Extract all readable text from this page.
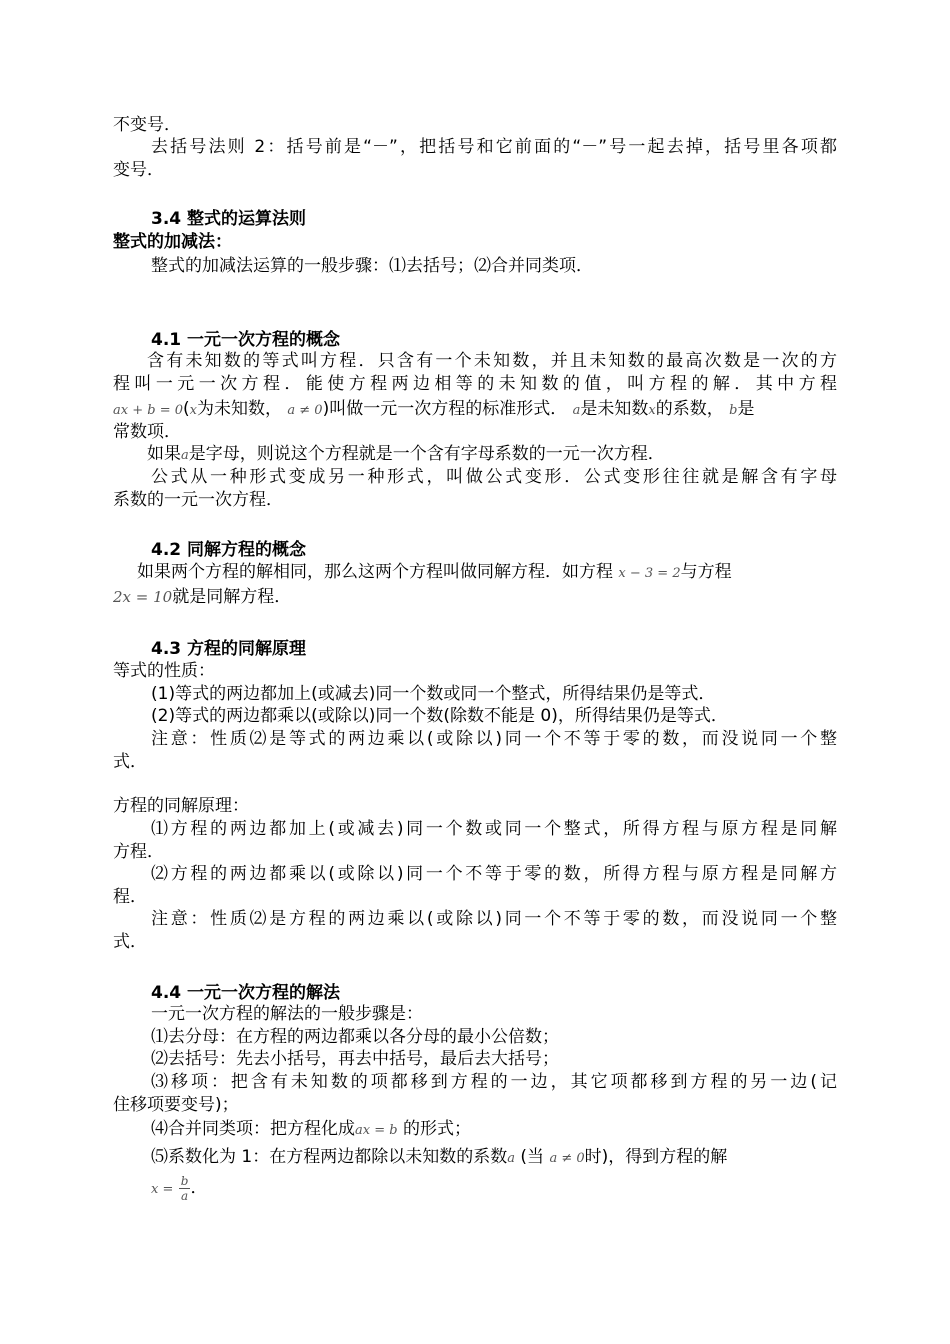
不变号．
去括号法则 2：括号前是“－”，把括号和它前面的“－”号一起去掉，括号里各项都
变号．
3.4 整式的运算法则
整式的加减法：
整式的加减法运算的一般步骤：⑴去括号；⑵合并同类项．
4.1 一元一次方程的概念
含有未知数的等式叫方程．只含有一个未知数，并且未知数的最高次数是一次的方
程叫一元一次方程．能使方程两边相等的未知数的值，叫方程的解．其中方程
ax + b = 0(x为未知数， a ≠ 0)叫做一元一次方程的标准形式． a是未知数x的系数， b是
常数项．
如果a是字母，则说这个方程就是一个含有字母系数的一元一次方程．
公式从一种形式变成另一种形式，叫做公式变形．公式变形往往就是解含有字母
系数的一元一次方程．
4.2 同解方程的概念
如果两个方程的解相同，那么这两个方程叫做同解方程．如方程 x − 3 = 2与方程
2x = 10就是同解方程．
4.3 方程的同解原理
等式的性质：
(1)等式的两边都加上(或减去)同一个数或同一个整式，所得结果仍是等式．
(2)等式的两边都乘以(或除以)同一个数(除数不能是 0)，所得结果仍是等式．
注意：性质⑵是等式的两边乘以(或除以)同一个不等于零的数，而没说同一个整
式．
方程的同解原理：
⑴方程的两边都加上(或减去)同一个数或同一个整式，所得方程与原方程是同解
方程．
⑵方程的两边都乘以(或除以)同一个不等于零的数，所得方程与原方程是同解方
程．
注意：性质⑵是方程的两边乘以(或除以)同一个不等于零的数，而没说同一个整
式．
4.4 一元一次方程的解法
一元一次方程的解法的一般步骤是：
⑴去分母：在方程的两边都乘以各分母的最小公倍数；
⑵去括号：先去小括号，再去中括号，最后去大括号；
⑶移项：把含有未知数的项都移到方程的一边，其它项都移到方程的另一边(记
住移项要变号)；
⑷合并同类项：把方程化成ax = b 的形式；
⑸系数化为 1：在方程两边都除以未知数的系数a (当 a ≠ 0时)，得到方程的解
$x = \frac{b}{a}$ ．
